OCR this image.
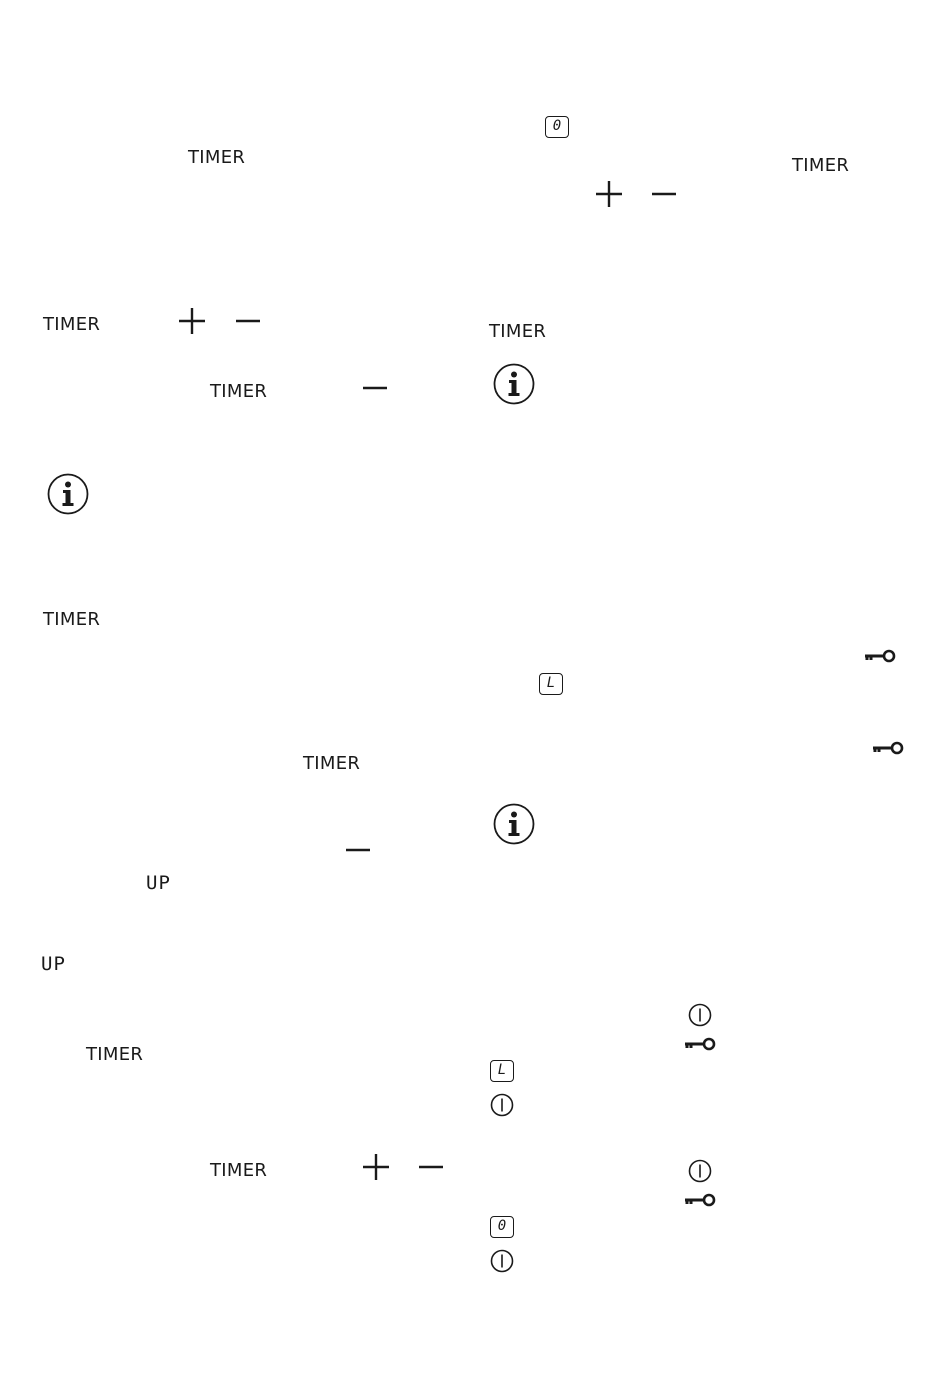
TIMER
TIMER
TIMER
TIMER
TIMER
UP
UP
TIMER
TIMER
0
TIMER
TIMER
L
L
0
